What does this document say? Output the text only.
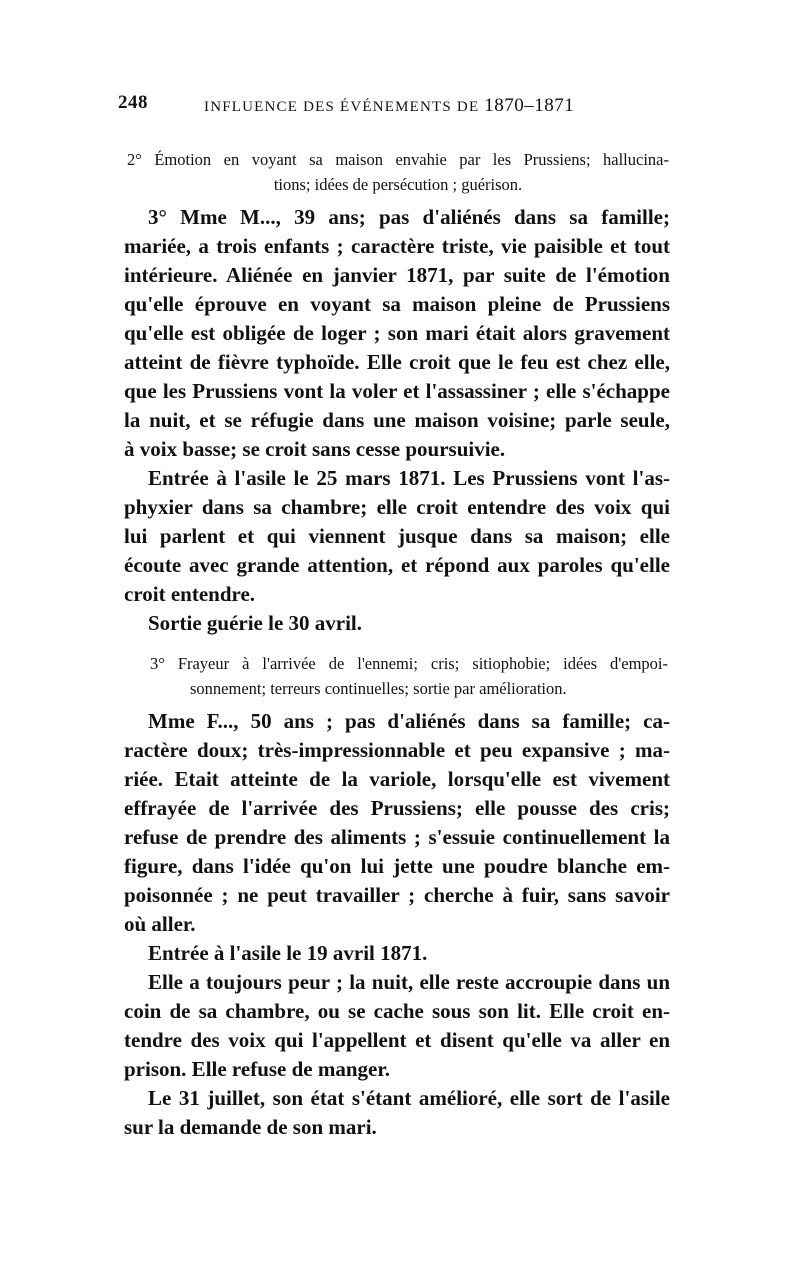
248	INFLUENCE DES ÉVÉNEMENTS DE 1870–1871
2° Émotion en voyant sa maison envahie par les Prussiens; hallucina-
tions; idées de persécution ; guérison.
3° Mme M..., 39 ans; pas d'aliénés dans sa famille;
mariée, a trois enfants ; caractère triste, vie paisible et tout
intérieure. Aliénée en janvier 1871, par suite de l'émotion
qu'elle éprouve en voyant sa maison pleine de Prussiens
qu'elle est obligée de loger ; son mari était alors gravement
atteint de fièvre typhoïde. Elle croit que le feu est chez elle,
que les Prussiens vont la voler et l'assassiner ; elle s'échappe
la nuit, et se réfugie dans une maison voisine; parle seule,
à voix basse; se croit sans cesse poursuivie.
Entrée à l'asile le 25 mars 1871. Les Prussiens vont l'as-
phyxier dans sa chambre; elle croit entendre des voix qui
lui parlent et qui viennent jusque dans sa maison; elle
écoute avec grande attention, et répond aux paroles qu'elle
croit entendre.
Sortie guérie le 30 avril.
3° Frayeur à l'arrivée de l'ennemi; cris; sitiophobie; idées d'empoi-
sonnement; terreurs continuelles; sortie par amélioration.
Mme F..., 50 ans ; pas d'aliénés dans sa famille; ca-
ractère doux; très-impressionnable et peu expansive ; ma-
riée. Etait atteinte de la variole, lorsqu'elle est vivement
effrayée de l'arrivée des Prussiens; elle pousse des cris;
refuse de prendre des aliments ; s'essuie continuellement la
figure, dans l'idée qu'on lui jette une poudre blanche em-
poisonnée ; ne peut travailler ; cherche à fuir, sans savoir
où aller.
Entrée à l'asile le 19 avril 1871.
Elle a toujours peur ; la nuit, elle reste accroupie dans un
coin de sa chambre, ou se cache sous son lit. Elle croit en-
tendre des voix qui l'appellent et disent qu'elle va aller en
prison. Elle refuse de manger.
Le 31 juillet, son état s'étant amélioré, elle sort de l'asile
sur la demande de son mari.
